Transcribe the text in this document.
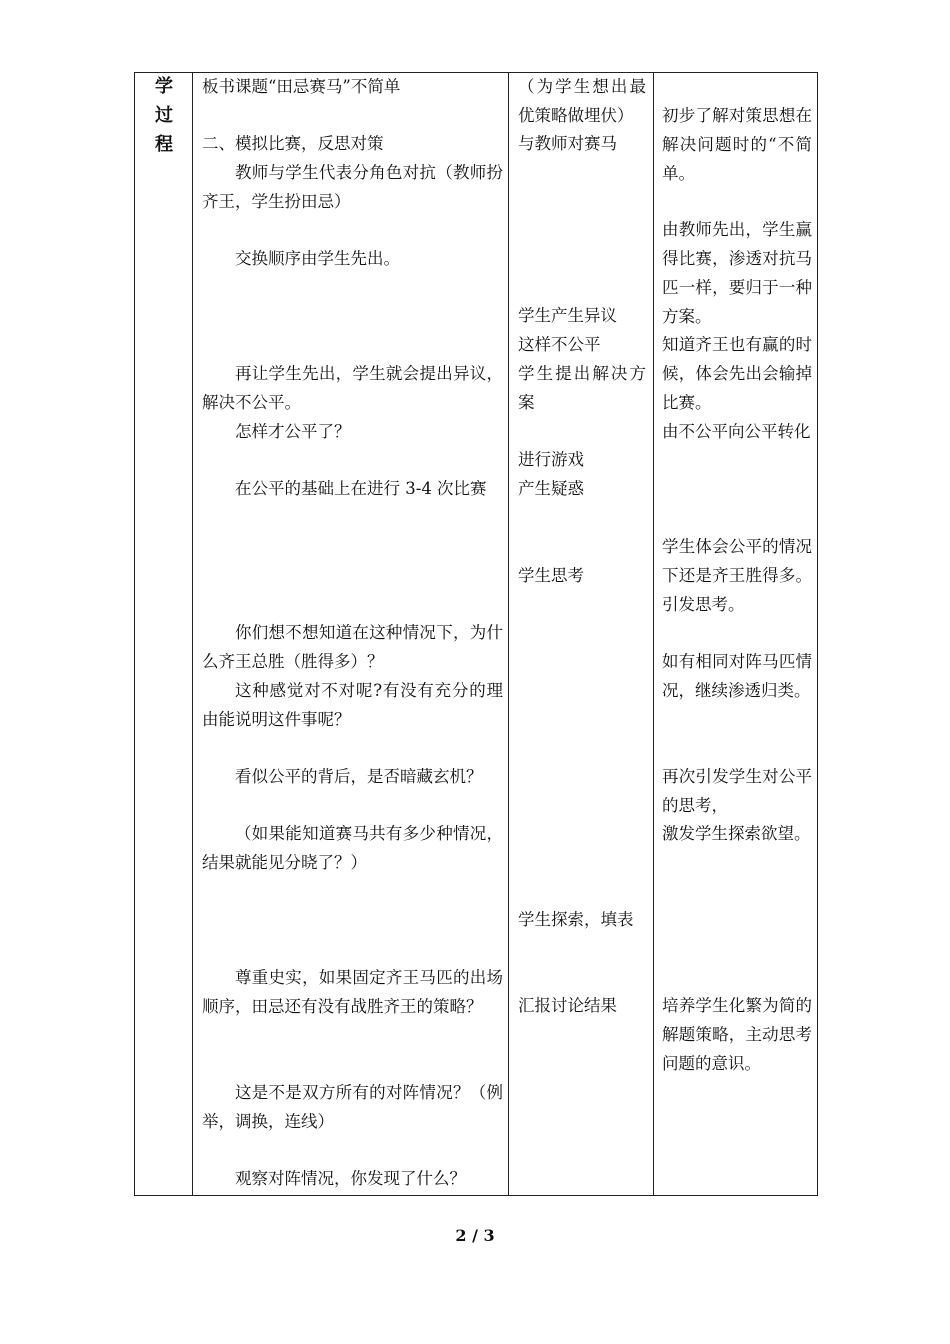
学
过
程
板书课题“田忌赛马”不简单
二、模拟比赛，反思对策
教师与学生代表分角色对抗（教师扮齐王，学生扮田忌）
交换顺序由学生先出。
再让学生先出，学生就会提出异议，解决不公平。
怎样才公平了？
在公平的基础上在进行 3-4 次比赛
你们想不想知道在这种情况下，为什么齐王总胜（胜得多）？
这种感觉对不对呢?有没有充分的理由能说明这件事呢？
看似公平的背后，是否暗藏玄机？
（如果能知道赛马共有多少种情况，结果就能见分晓了？）
尊重史实，如果固定齐王马匹的出场顺序，田忌还有没有战胜齐王的策略？
这是不是双方所有的对阵情况？（例举，调换，连线）
观察对阵情况，你发现了什么？
（为学生想出最优策略做埋伏）
与教师对赛马
学生产生异议
这样不公平
学生提出解决方案
进行游戏
产生疑惑
学生思考
学生探索，填表
汇报讨论结果
初步了解对策思想在解决问题时的“不简单。
由教师先出，学生赢得比赛，渗透对抗马匹一样，要归于一种方案。
知道齐王也有赢的时候，体会先出会输掉比赛。
由不公平向公平转化
学生体会公平的情况下还是齐王胜得多。引发思考。
如有相同对阵马匹情况，继续渗透归类。
再次引发学生对公平的思考，
激发学生探索欲望。
培养学生化繁为简的解题策略，主动思考问题的意识。
2 / 3
